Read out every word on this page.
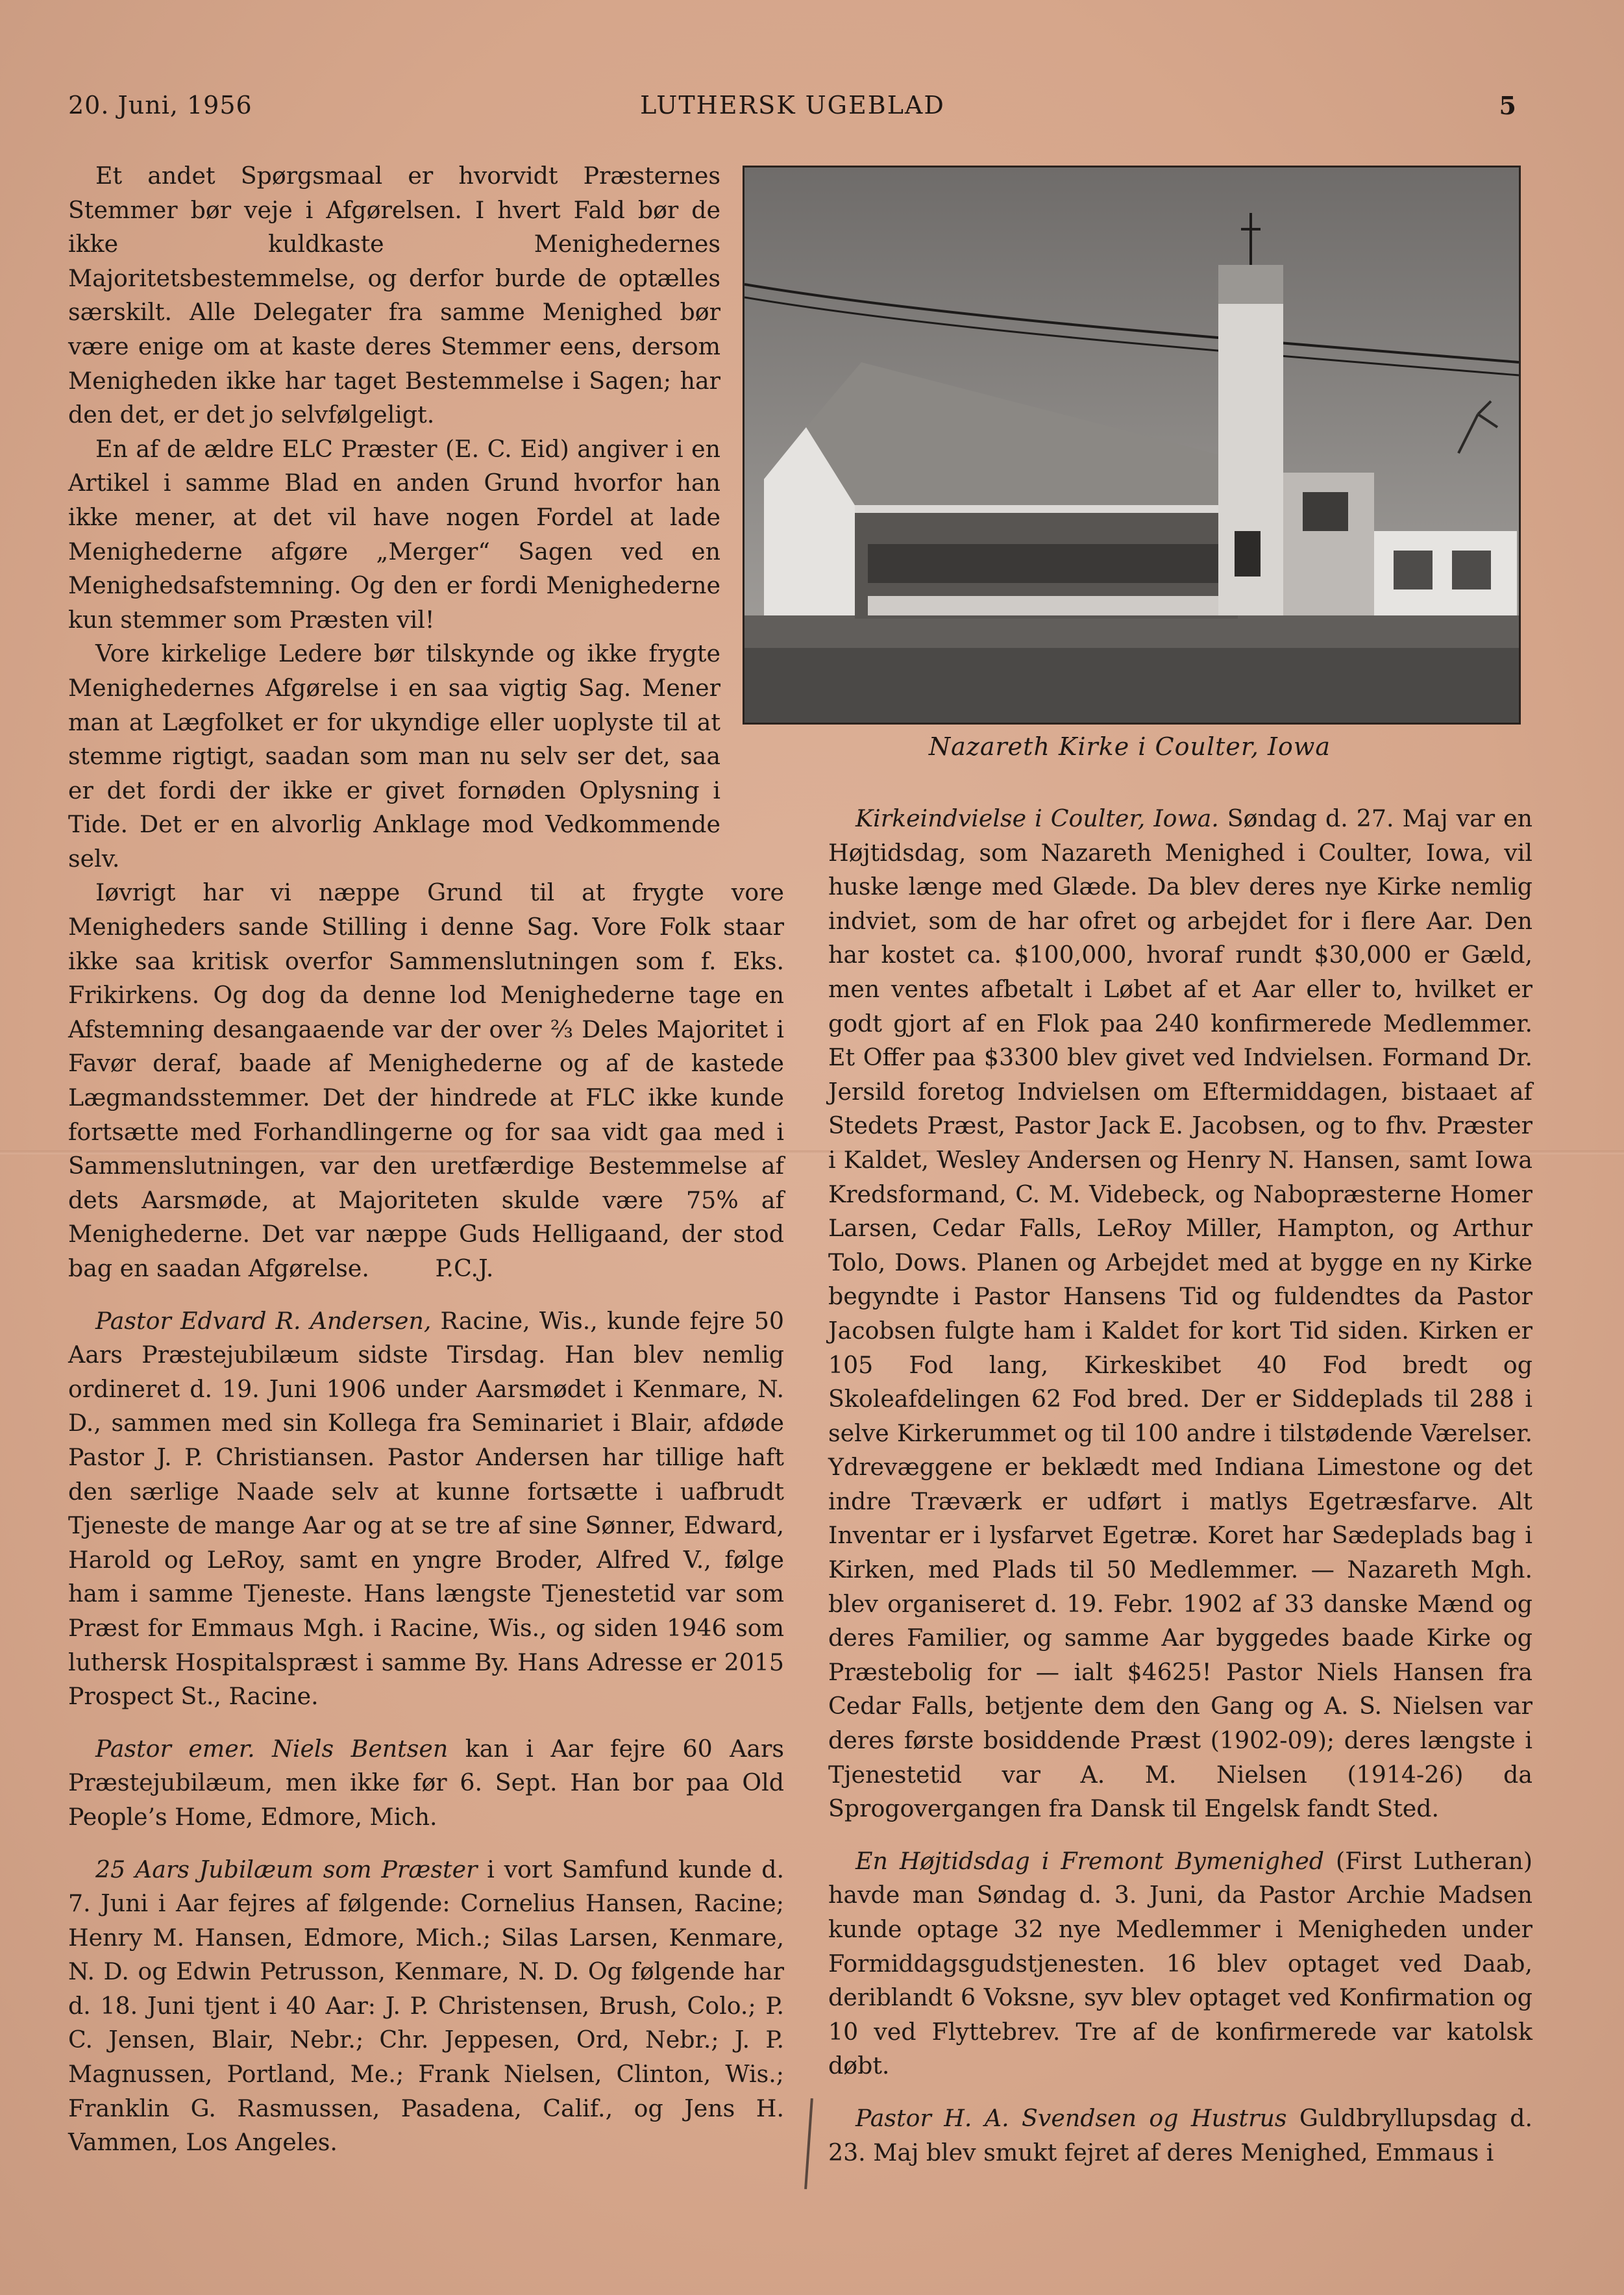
20. Juni, 1956	LUTHERSK UGEBLAD	5
Nazareth Kirke i Coulter, Iowa

Et andet Spørgsmaal er hvorvidt Præsternes Stemmer bør veje i Afgørelsen. I hvert Fald bør de ikke kuldkaste Menighedernes Majoritetsbestemmelse, og derfor burde de optælles særskilt. Alle Delegater fra samme Menighed bør være enige om at kaste deres Stemmer eens, dersom Menigheden ikke har taget Bestemmelse i Sagen; har den det, er det jo selvfølgeligt.

En af de ældre ELC Præster (E. C. Eid) angiver i en Artikel i samme Blad en anden Grund hvorfor han ikke mener, at det vil have nogen Fordel at lade Menighederne afgøre „Merger“ Sagen ved en Menighedsafstemning. Og den er fordi Menighederne kun stemmer som Præsten vil!

Vore kirkelige Ledere bør tilskynde og ikke frygte Menighedernes Afgørelse i en saa vigtig Sag. Mener man at Lægfolket er for ukyndige eller uoplyste til at stemme rigtigt, saadan som man nu selv ser det, saa er det fordi der ikke er givet fornøden Oplysning i Tide. Det er en alvorlig Anklage mod Vedkommende selv.

Iøvrigt har vi næppe Grund til at frygte vore Menigheders sande Stilling i denne Sag. Vore Folk staar ikke saa kritisk overfor Sammenslutningen som f. Eks. Frikirkens. Og dog da denne lod Menighederne tage en Afstemning desangaaende var der over ⅔ Deles Majoritet i Favør deraf, baade af Menighederne og af de kastede Lægmandsstemmer. Det der hindrede at FLC ikke kunde fortsætte med Forhandlingerne og for saa vidt gaa med i Sammenslutningen, var den uretfærdige Bestemmelse af dets Aarsmøde, at Majoriteten skulde være 75% af Menighederne. Det var næppe Guds Helligaand, der stod bag en saadan Afgørelse.	P.C.J.

Pastor Edvard R. Andersen, Racine, Wis., kunde fejre 50 Aars Præstejubilæum sidste Tirsdag. Han blev nemlig ordineret d. 19. Juni 1906 under Aarsmødet i Kenmare, N. D., sammen med sin Kollega fra Seminariet i Blair, afdøde Pastor J. P. Christiansen. Pastor Andersen har tillige haft den særlige Naade selv at kunne fortsætte i uafbrudt Tjeneste de mange Aar og at se tre af sine Sønner, Edward, Harold og LeRoy, samt en yngre Broder, Alfred V., følge ham i samme Tjeneste. Hans længste Tjenestetid var som Præst for Emmaus Mgh. i Racine, Wis., og siden 1946 som luthersk Hospitalspræst i samme By. Hans Adresse er 2015 Prospect St., Racine.

Pastor emer. Niels Bentsen kan i Aar fejre 60 Aars Præstejubilæum, men ikke før 6. Sept. Han bor paa Old People’s Home, Edmore, Mich.

25 Aars Jubilæum som Præster i vort Samfund kunde d. 7. Juni i Aar fejres af følgende: Cornelius Hansen, Racine; Henry M. Hansen, Edmore, Mich.; Silas Larsen, Kenmare, N. D. og Edwin Petrusson, Kenmare, N. D. Og følgende har d. 18. Juni tjent i 40 Aar: J. P. Christensen, Brush, Colo.; P. C. Jensen, Blair, Nebr.; Chr. Jeppesen, Ord, Nebr.; J. P. Magnussen, Portland, Me.; Frank Nielsen, Clinton, Wis.; Franklin G. Rasmussen, Pasadena, Calif., og Jens H. Vammen, Los Angeles.

Kirkeindvielse i Coulter, Iowa. Søndag d. 27. Maj var en Højtidsdag, som Nazareth Menighed i Coulter, Iowa, vil huske længe med Glæde. Da blev deres nye Kirke nemlig indviet, som de har ofret og arbejdet for i flere Aar. Den har kostet ca. $100,000, hvoraf rundt $30,000 er Gæld, men ventes afbetalt i Løbet af et Aar eller to, hvilket er godt gjort af en Flok paa 240 konfirmerede Medlemmer. Et Offer paa $3300 blev givet ved Indvielsen. Formand Dr. Jersild foretog Indvielsen om Eftermiddagen, bistaaet af Stedets Præst, Pastor Jack E. Jacobsen, og to fhv. Præster i Kaldet, Wesley Andersen og Henry N. Hansen, samt Iowa Kredsformand, C. M. Videbeck, og Nabopræsterne Homer Larsen, Cedar Falls, LeRoy Miller, Hampton, og Arthur Tolo, Dows. Planen og Arbejdet med at bygge en ny Kirke begyndte i Pastor Hansens Tid og fuldendtes da Pastor Jacobsen fulgte ham i Kaldet for kort Tid siden. Kirken er 105 Fod lang, Kirkeskibet 40 Fod bredt og Skoleafdelingen 62 Fod bred. Der er Siddeplads til 288 i selve Kirkerummet og til 100 andre i tilstødende Værelser. Ydrevæggene er beklædt med Indiana Limestone og det indre Træværk er udført i matlys Egetræsfarve. Alt Inventar er i lysfarvet Egetræ. Koret har Sædeplads bag i Kirken, med Plads til 50 Medlemmer. — Nazareth Mgh. blev organiseret d. 19. Febr. 1902 af 33 danske Mænd og deres Familier, og samme Aar byggedes baade Kirke og Præstebolig for — ialt $4625! Pastor Niels Hansen fra Cedar Falls, betjente dem den Gang og A. S. Nielsen var deres første bosiddende Præst (1902-09); deres længste i Tjenestetid var A. M. Nielsen (1914-26) da Sprogovergangen fra Dansk til Engelsk fandt Sted.

En Højtidsdag i Fremont Bymenighed (First Lutheran) havde man Søndag d. 3. Juni, da Pastor Archie Madsen kunde optage 32 nye Medlemmer i Menigheden under Formiddagsgudstjenesten. 16 blev optaget ved Daab, deriblandt 6 Voksne, syv blev optaget ved Konfirmation og 10 ved Flyttebrev. Tre af de konfirmerede var katolsk døbt.

Pastor H. A. Svendsen og Hustrus Guldbryllupsdag d. 23. Maj blev smukt fejret af deres Menighed, Emmaus i
